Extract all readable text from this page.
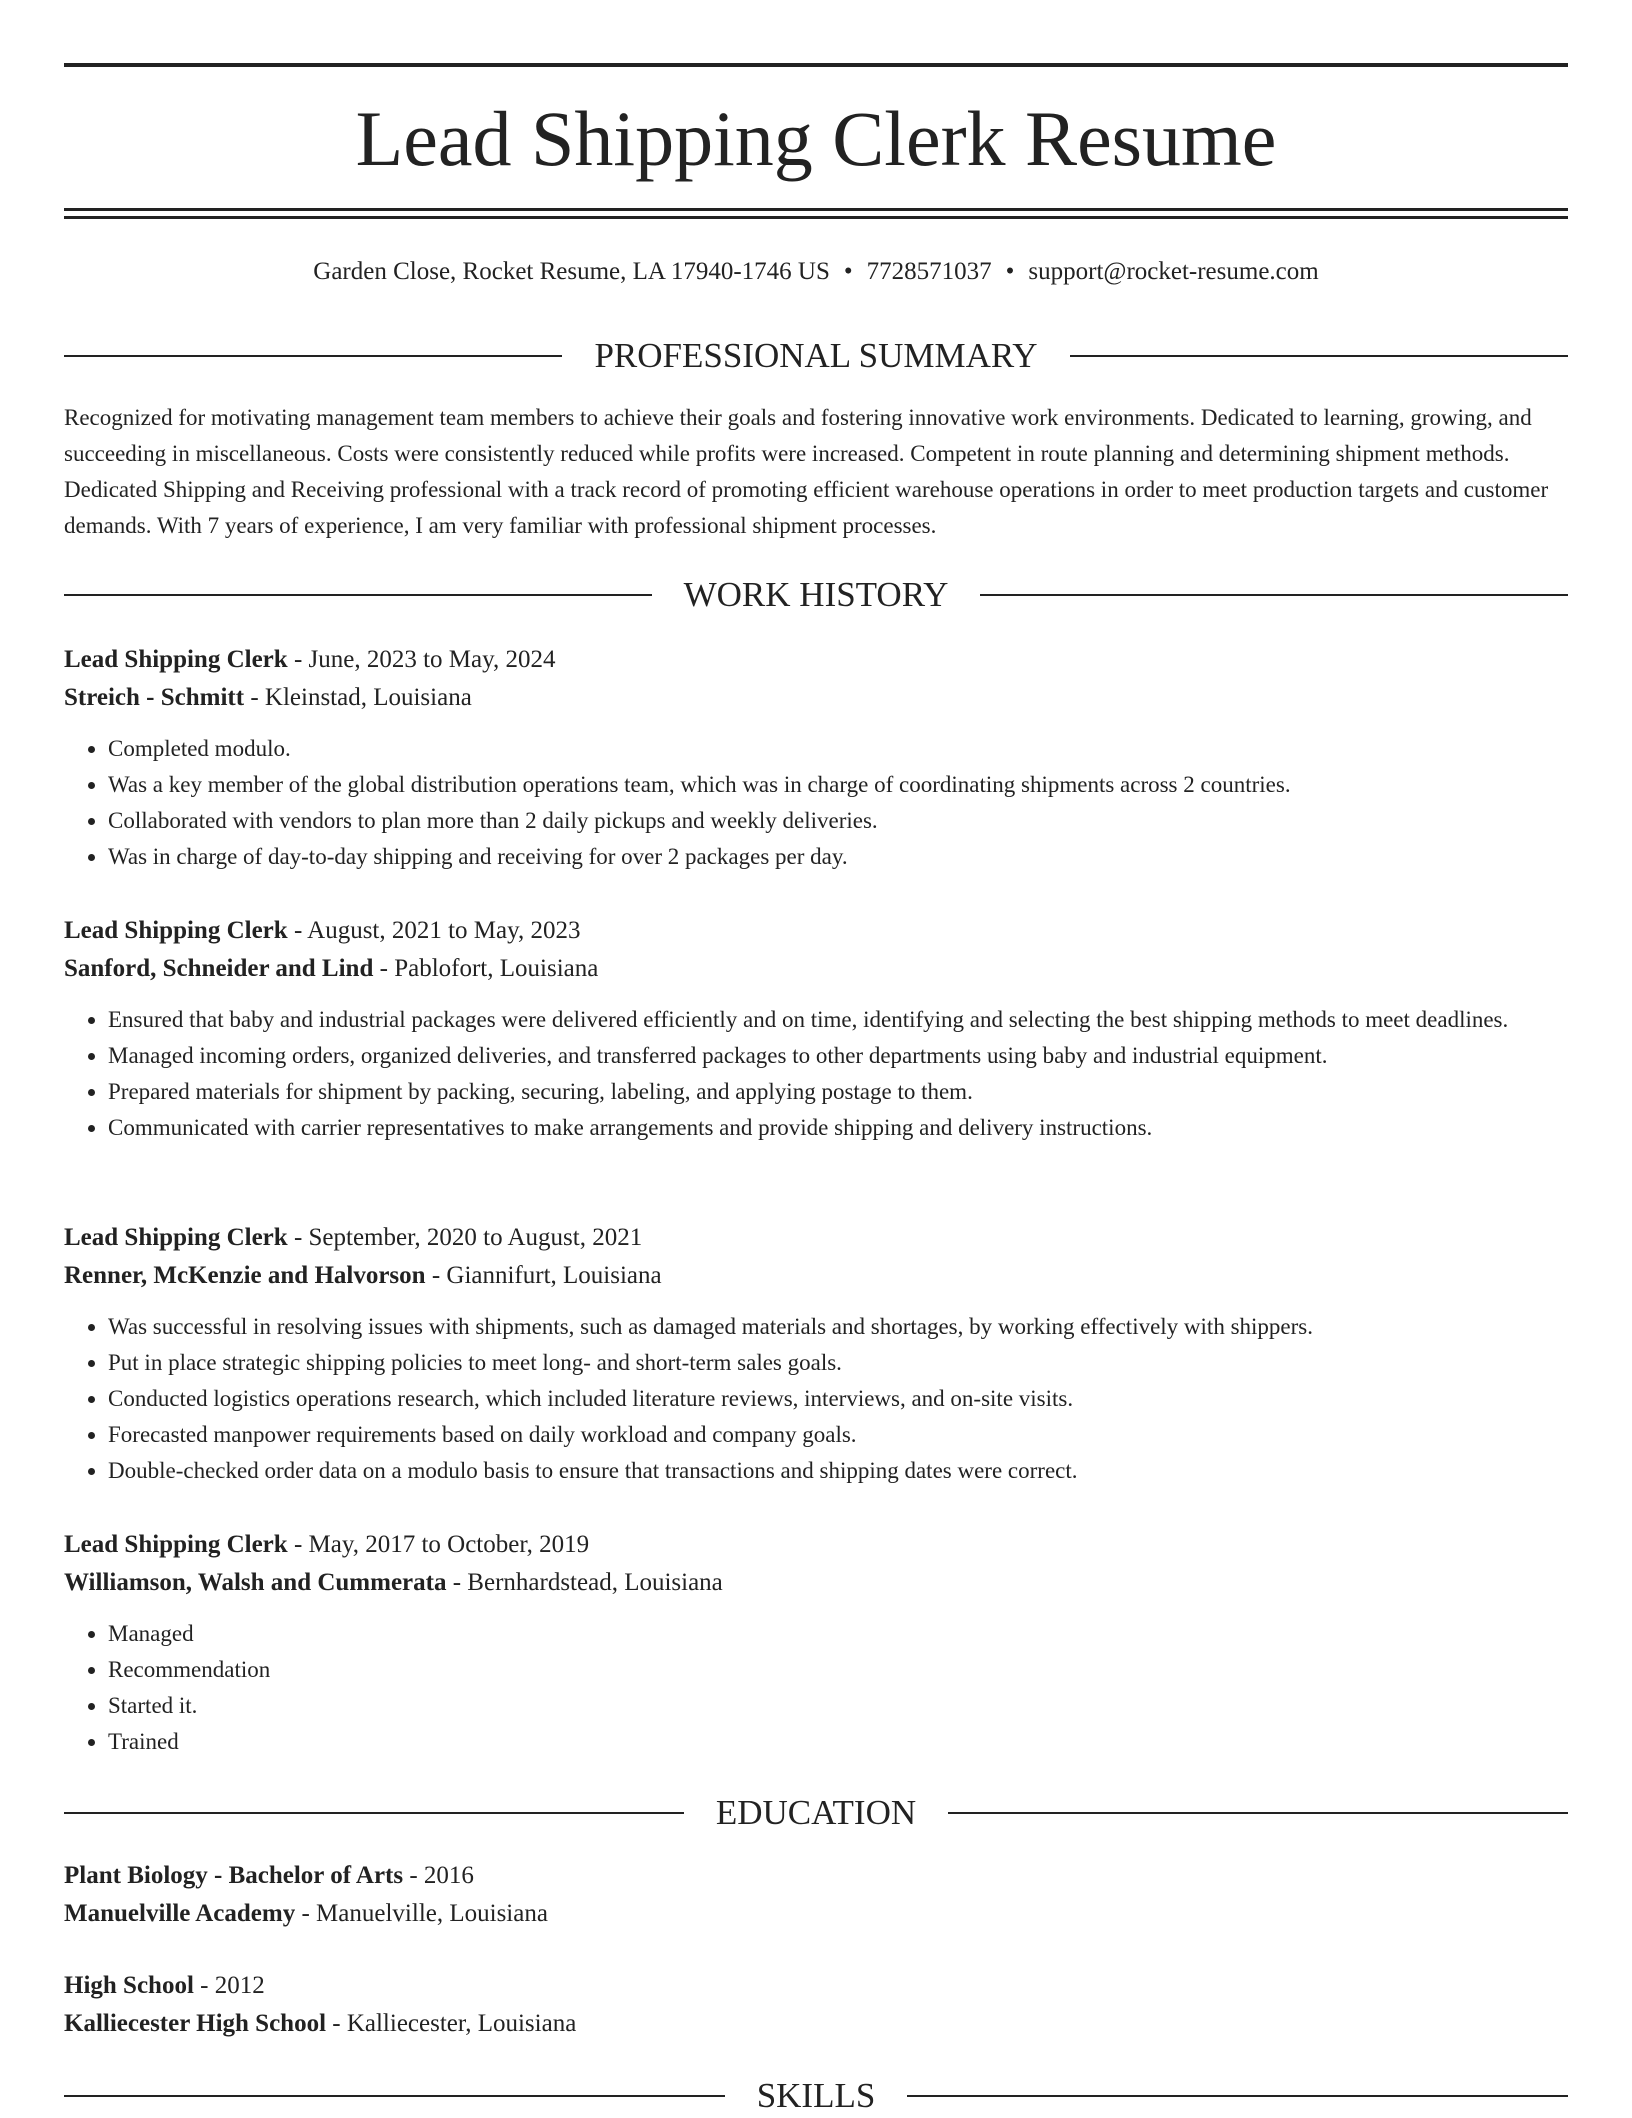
Lead Shipping Clerk Resume
Garden Close, Rocket Resume, LA 17940-1746 US • 7728571037 • support@rocket-resume.com
PROFESSIONAL SUMMARY

Recognized for motivating management team members to achieve their goals and fostering innovative work environments. Dedicated to learning, growing, and succeeding in miscellaneous. Costs were consistently reduced while profits were increased. Competent in route planning and determining shipment methods. Dedicated Shipping and Receiving professional with a track record of promoting efficient warehouse operations in order to meet production targets and customer demands. With 7 years of experience, I am very familiar with professional shipment processes.

WORK HISTORY
Lead Shipping Clerk - June, 2023 to May, 2024
Streich - Schmitt - Kleinstad, Louisiana
• Completed modulo.
• Was a key member of the global distribution operations team, which was in charge of coordinating shipments across 2 countries.
• Collaborated with vendors to plan more than 2 daily pickups and weekly deliveries.
• Was in charge of day-to-day shipping and receiving for over 2 packages per day.
Lead Shipping Clerk - August, 2021 to May, 2023
Sanford, Schneider and Lind - Pablofort, Louisiana
• Ensured that baby and industrial packages were delivered efficiently and on time, identifying and selecting the best shipping methods to meet deadlines.
• Managed incoming orders, organized deliveries, and transferred packages to other departments using baby and industrial equipment.
• Prepared materials for shipment by packing, securing, labeling, and applying postage to them.
• Communicated with carrier representatives to make arrangements and provide shipping and delivery instructions.
Lead Shipping Clerk - September, 2020 to August, 2021
Renner, McKenzie and Halvorson - Giannifurt, Louisiana
• Was successful in resolving issues with shipments, such as damaged materials and shortages, by working effectively with shippers.
• Put in place strategic shipping policies to meet long- and short-term sales goals.
• Conducted logistics operations research, which included literature reviews, interviews, and on-site visits.
• Forecasted manpower requirements based on daily workload and company goals.
• Double-checked order data on a modulo basis to ensure that transactions and shipping dates were correct.
Lead Shipping Clerk - May, 2017 to October, 2019
Williamson, Walsh and Cummerata - Bernhardstead, Louisiana
• Managed
• Recommendation
• Started it.
• Trained
EDUCATION
Plant Biology - Bachelor of Arts - 2016
Manuelville Academy - Manuelville, Louisiana
High School - 2012
Kalliecester High School - Kalliecester, Louisiana
SKILLS
